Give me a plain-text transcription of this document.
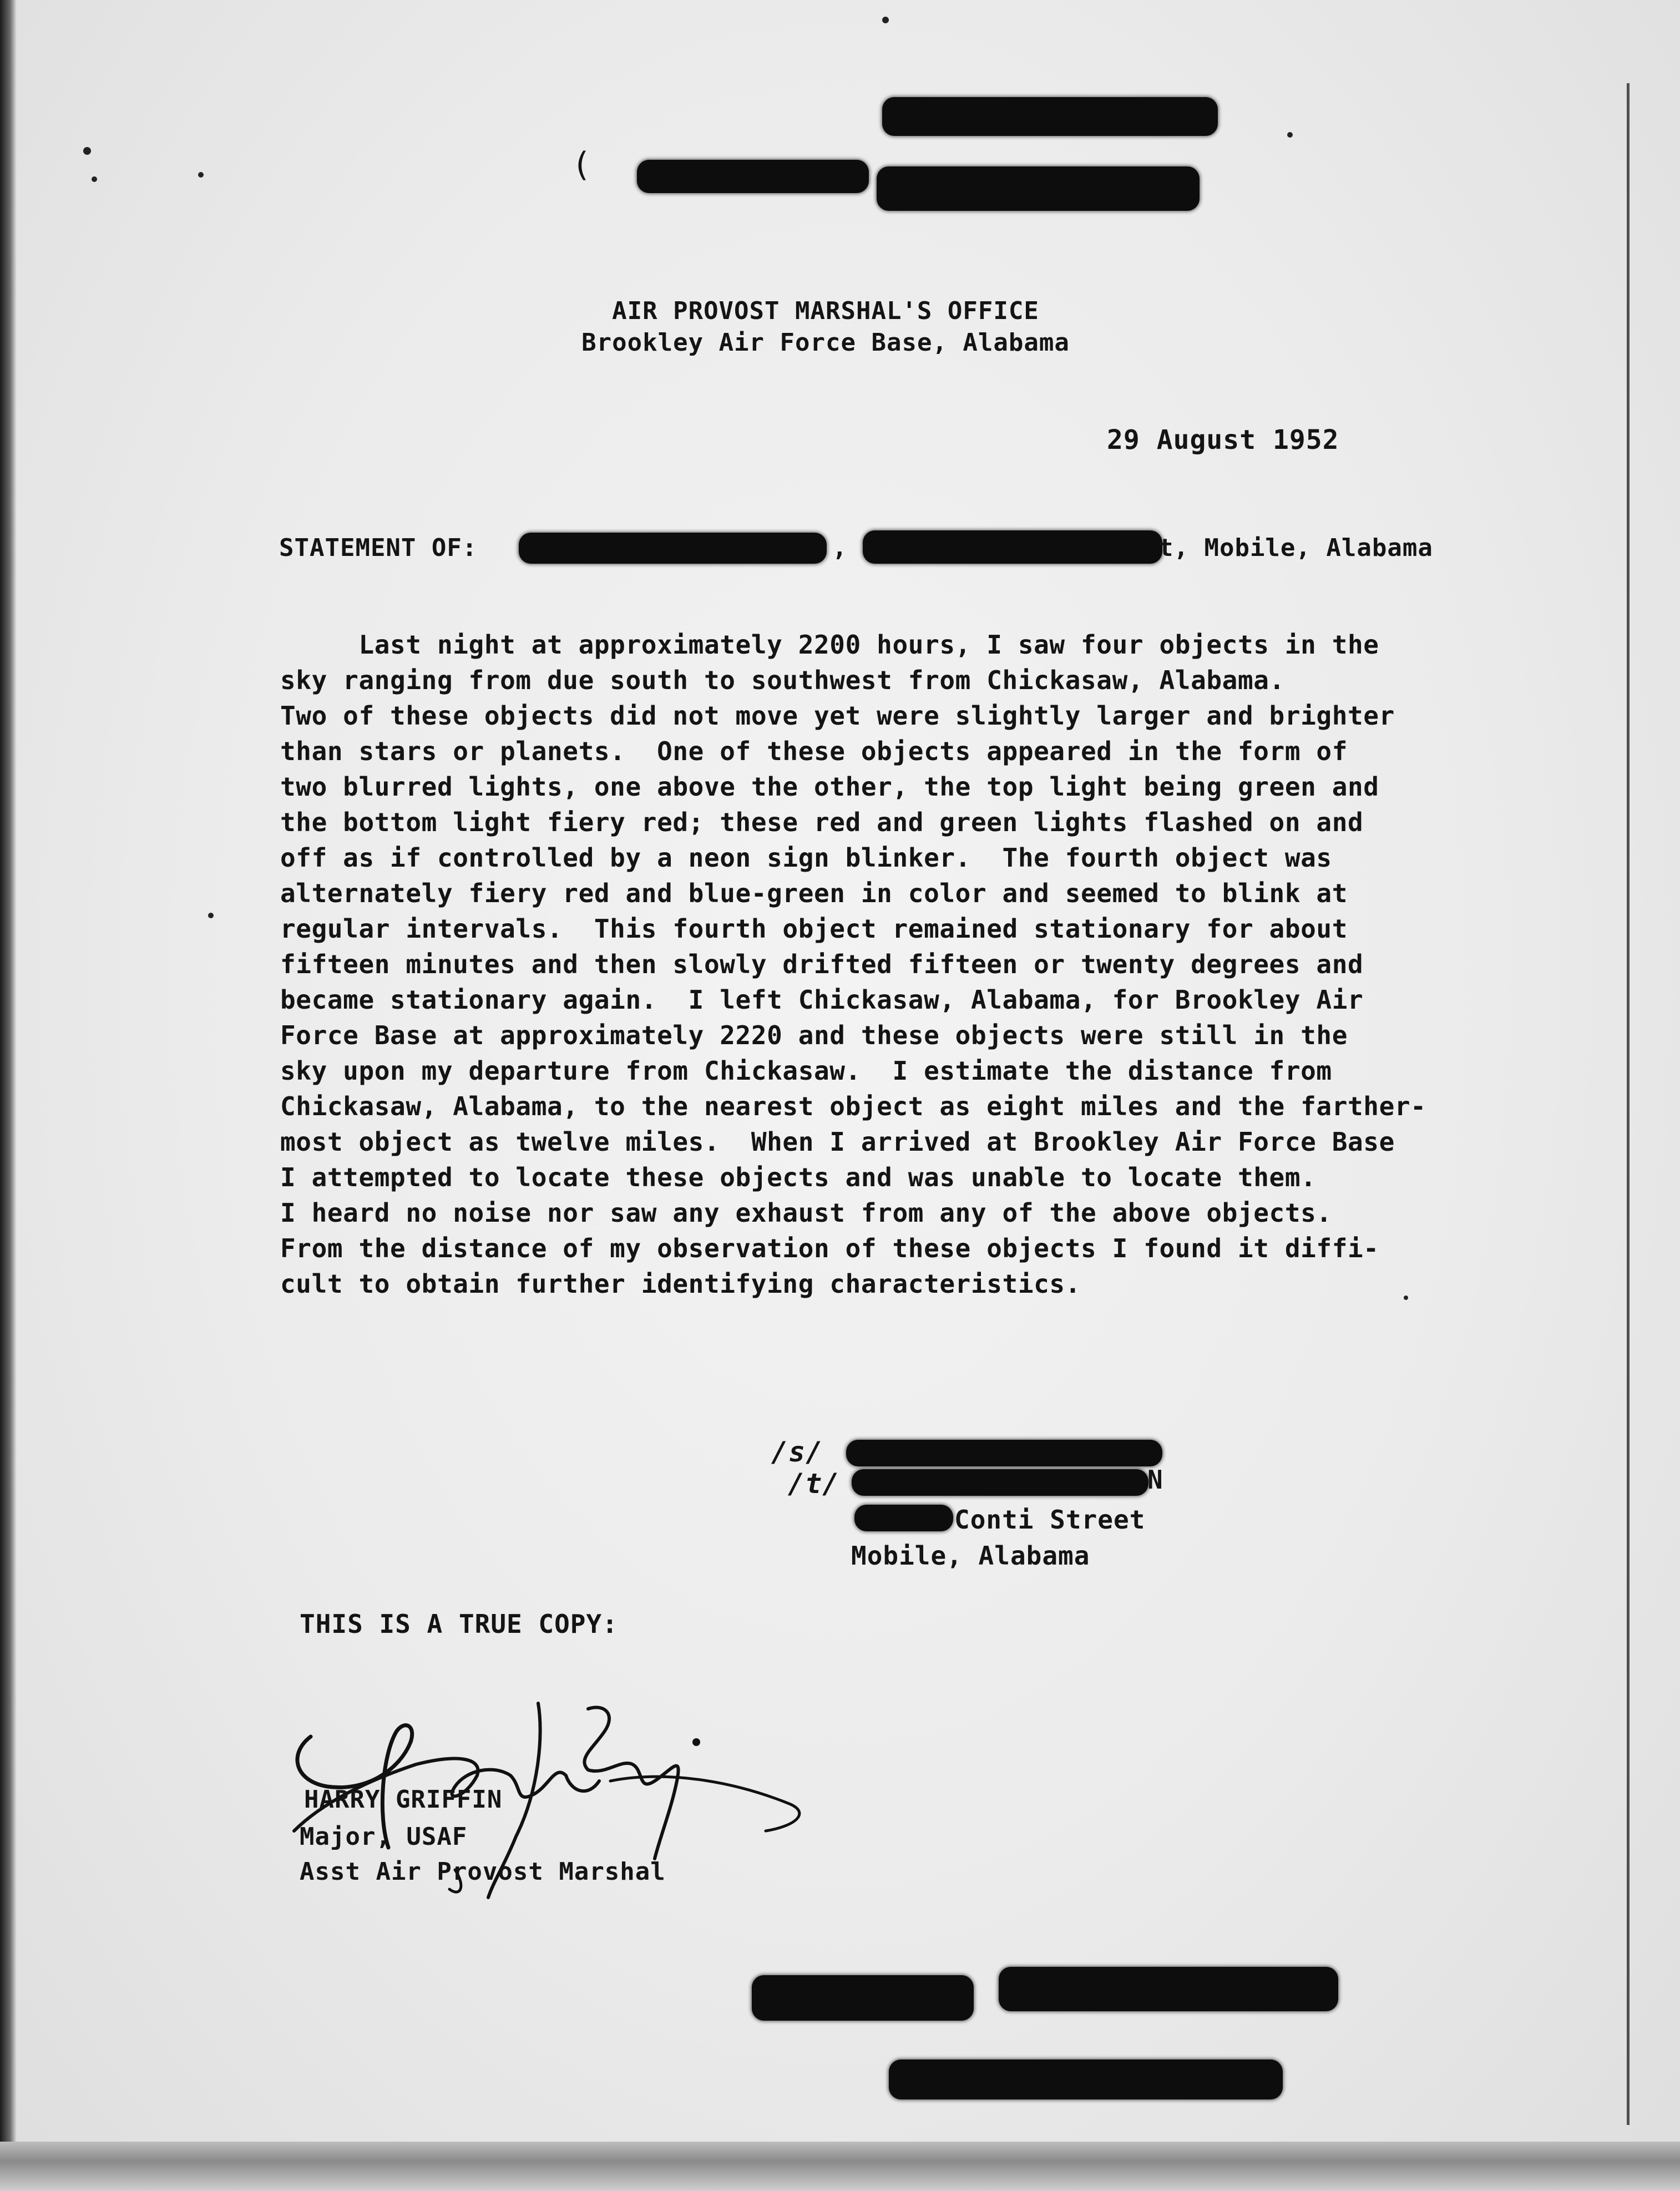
(
AIR PROVOST MARSHAL'S OFFICE
Brookley Air Force Base, Alabama
29 August 1952
STATEMENT OF:	,	t, Mobile, Alabama
Last night at approximately 2200 hours, I saw four objects in the
sky ranging from due south to southwest from Chickasaw, Alabama.
Two of these objects did not move yet were slightly larger and brighter
than stars or planets.  One of these objects appeared in the form of
two blurred lights, one above the other, the top light being green and
the bottom light fiery red; these red and green lights flashed on and
off as if controlled by a neon sign blinker.  The fourth object was
alternately fiery red and blue-green in color and seemed to blink at
regular intervals.  This fourth object remained stationary for about
fifteen minutes and then slowly drifted fifteen or twenty degrees and
became stationary again.  I left Chickasaw, Alabama, for Brookley Air
Force Base at approximately 2220 and these objects were still in the
sky upon my departure from Chickasaw.  I estimate the distance from
Chickasaw, Alabama, to the nearest object as eight miles and the farther-
most object as twelve miles.  When I arrived at Brookley Air Force Base
I attempted to locate these objects and was unable to locate them.
I heard no noise nor saw any exhaust from any of the above objects.
From the distance of my observation of these objects I found it diffi-
cult to obtain further identifying characteristics.
/s/
/t/	N
Conti Street
Mobile, Alabama
THIS IS A TRUE COPY:
HARRY GRIFFIN
Major, USAF
Asst Air Provost Marshal
